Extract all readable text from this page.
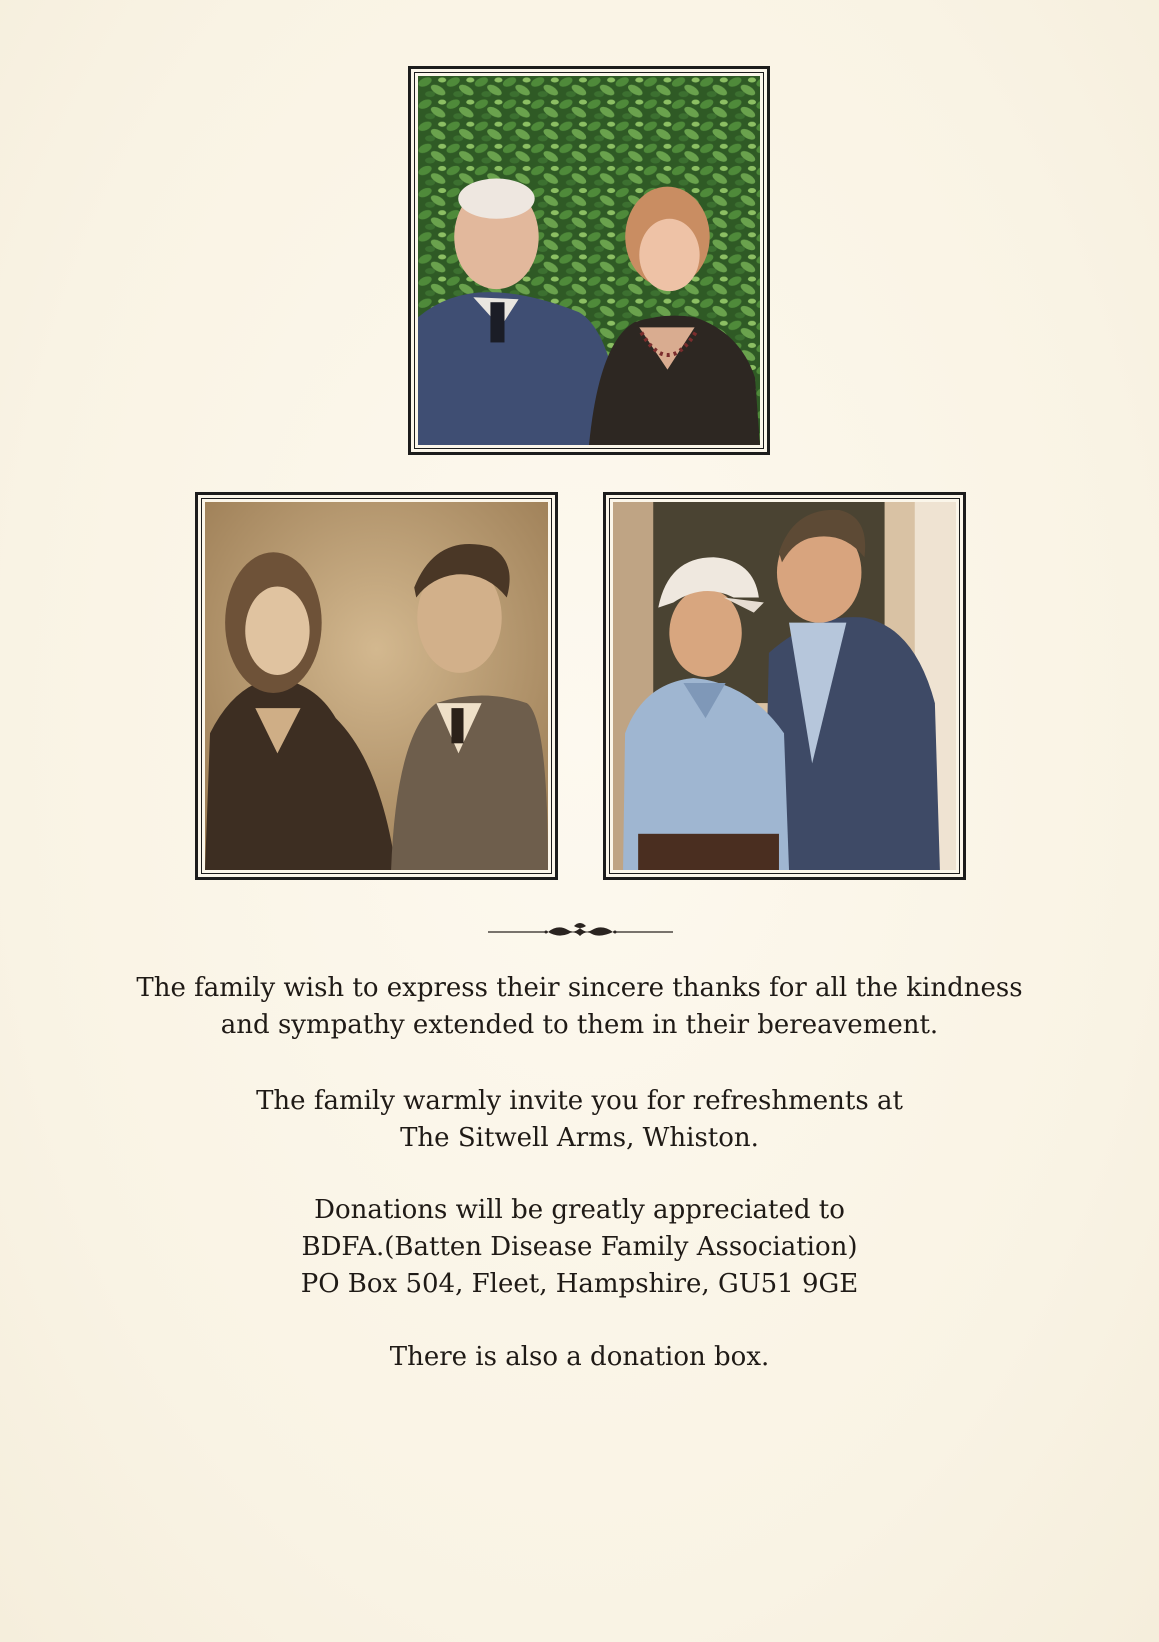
The family wish to express their sincere thanks for all the kindness

and sympathy extended to them in their bereavement.

The family warmly invite you for refreshments at

The Sitwell Arms, Whiston.

Donations will be greatly appreciated to

BDFA.(Batten Disease Family Association)

PO Box 504, Fleet, Hampshire, GU51 9GE

There is also a donation box.
